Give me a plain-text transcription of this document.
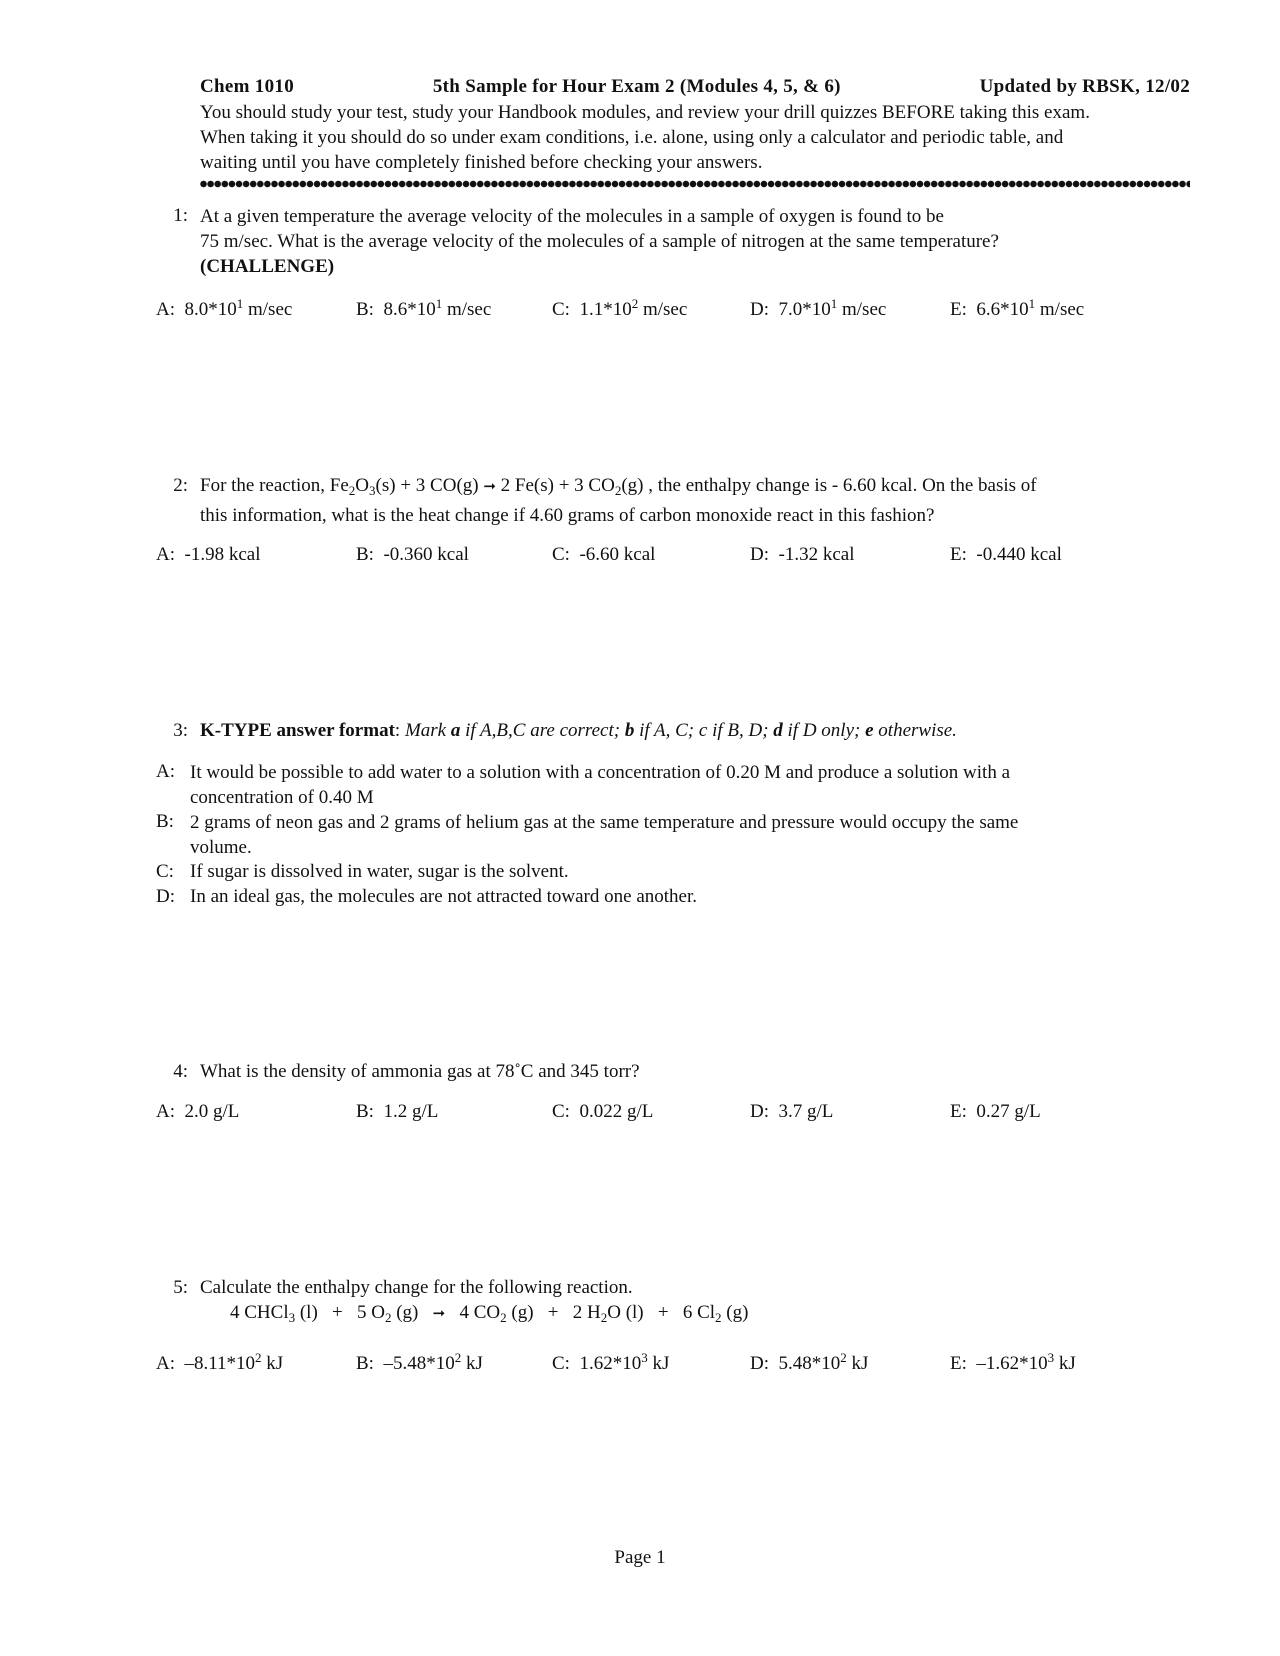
Chem 1010	5th Sample for Hour Exam 2 (Modules 4, 5, & 6)	Updated by RBSK, 12/02
You should study your test, study your Handbook modules, and review your drill quizzes BEFORE taking this exam.
When taking it you should do so under exam conditions, i.e. alone, using only a calculator and periodic table, and
waiting until you have completely finished before checking your answers.
1: At a given temperature the average velocity of the molecules in a sample of oxygen is found to be
75 m/sec. What is the average velocity of the molecules of a sample of nitrogen at the same temperature?
(CHALLENGE)
A: $8.0*10^1$ m/sec	B: $8.6*10^1$ m/sec	C: $1.1*10^2$ m/sec	D: $7.0*10^1$ m/sec	E: $6.6*10^1$ m/sec
2: For the reaction, $Fe_2O_3(s) + 3$ CO(g) ➞ 2 Fe(s) + 3 $CO_2(g)$ , the enthalpy change is - 6.60 kcal. On the basis of
this information, what is the heat change if 4.60 grams of carbon monoxide react in this fashion?
A: -1.98 kcal	B: -0.360 kcal	C: -6.60 kcal	D: -1.32 kcal	E: -0.440 kcal
3: K-TYPE answer format: Mark a if A,B,C are correct; b if A, C; c if B, D; d if D only; e otherwise.
A: It would be possible to add water to a solution with a concentration of 0.20 M and produce a solution with a
concentration of 0.40 M
B: 2 grams of neon gas and 2 grams of helium gas at the same temperature and pressure would occupy the same
volume.
C: If sugar is dissolved in water, sugar is the solvent.
D: In an ideal gas, the molecules are not attracted toward one another.
4: What is the density of ammonia gas at 78˚C and 345 torr?
A: 2.0 g/L	B: 1.2 g/L	C: 0.022 g/L	D: 3.7 g/L	E: 0.27 g/L
5: Calculate the enthalpy change for the following reaction.
4 CHCl$_3$ (l)   +   5 $O_2$ (g)   ➞   4 $CO_2$ (g)   +   2 $H_2O$ (l)   +   6 $Cl_2$ (g)
A: $-8.11*10^2$ kJ	B: $-5.48*10^2$ kJ	C: $1.62*10^3$ kJ	D: $5.48*10^2$ kJ	E: $-1.62*10^3$ kJ
Page 1
